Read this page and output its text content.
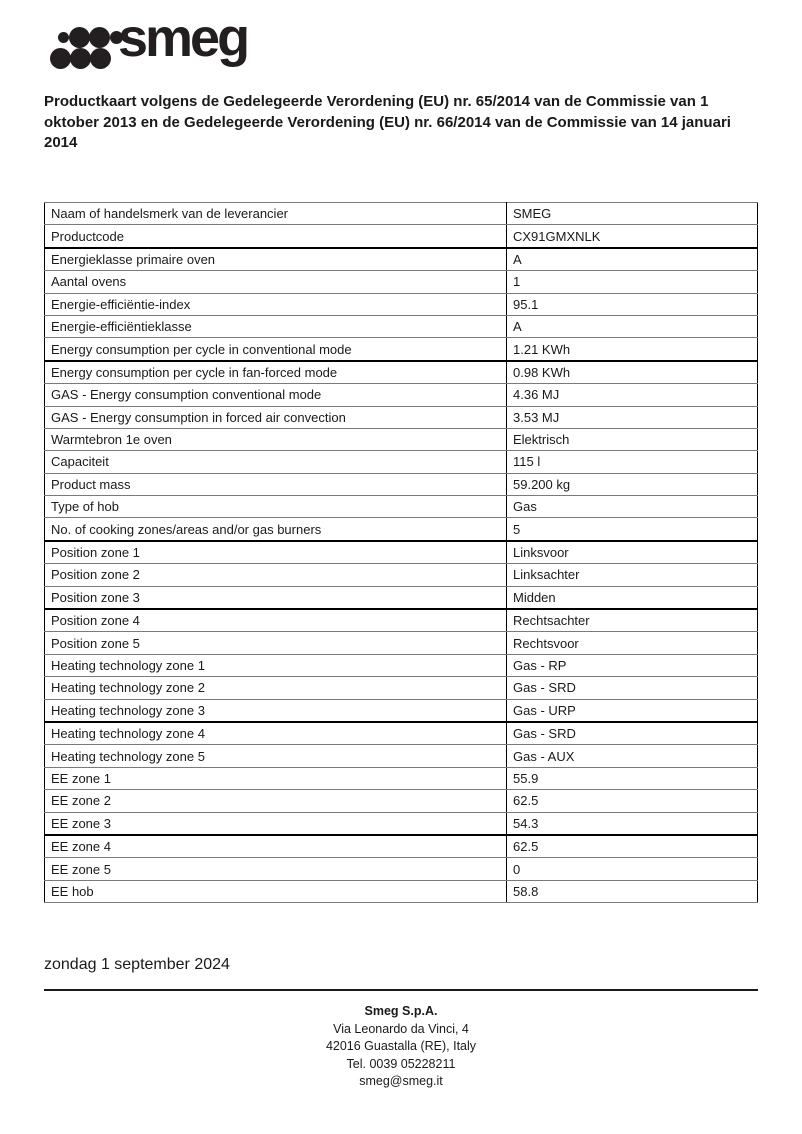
smeg
Productkaart volgens de Gedelegeerde Verordening (EU) nr. 65/2014 van de Commissie van 1 oktober 2013 en de Gedelegeerde Verordening (EU) nr. 66/2014 van de Commissie van 14 januari 2014
Naam of handelsmerk van de leverancier	SMEG
Productcode	CX91GMXNLK
Energieklasse primaire oven	A
Aantal ovens	1
Energie-efficiëntie-index	95.1
Energie-efficiëntieklasse	A
Energy consumption per cycle in conventional mode	1.21 KWh
Energy consumption per cycle in fan-forced mode	0.98 KWh
GAS - Energy consumption conventional mode	4.36 MJ
GAS - Energy consumption in forced air convection	3.53 MJ
Warmtebron 1e oven	Elektrisch
Capaciteit	115 l
Product mass	59.200 kg
Type of hob	Gas
No. of cooking zones/areas and/or gas burners	5
Position zone 1	Linksvoor
Position zone 2	Linksachter
Position zone 3	Midden
Position zone 4	Rechtsachter
Position zone 5	Rechtsvoor
Heating technology zone 1	Gas - RP
Heating technology zone 2	Gas - SRD
Heating technology zone 3	Gas - URP
Heating technology zone 4	Gas - SRD
Heating technology zone 5	Gas - AUX
EE zone 1	55.9
EE zone 2	62.5
EE zone 3	54.3
EE zone 4	62.5
EE zone 5	0
EE hob	58.8
zondag 1 september 2024
Smeg S.p.A.
Via Leonardo da Vinci, 4
42016 Guastalla (RE), Italy
Tel. 0039 05228211
smeg@smeg.it
